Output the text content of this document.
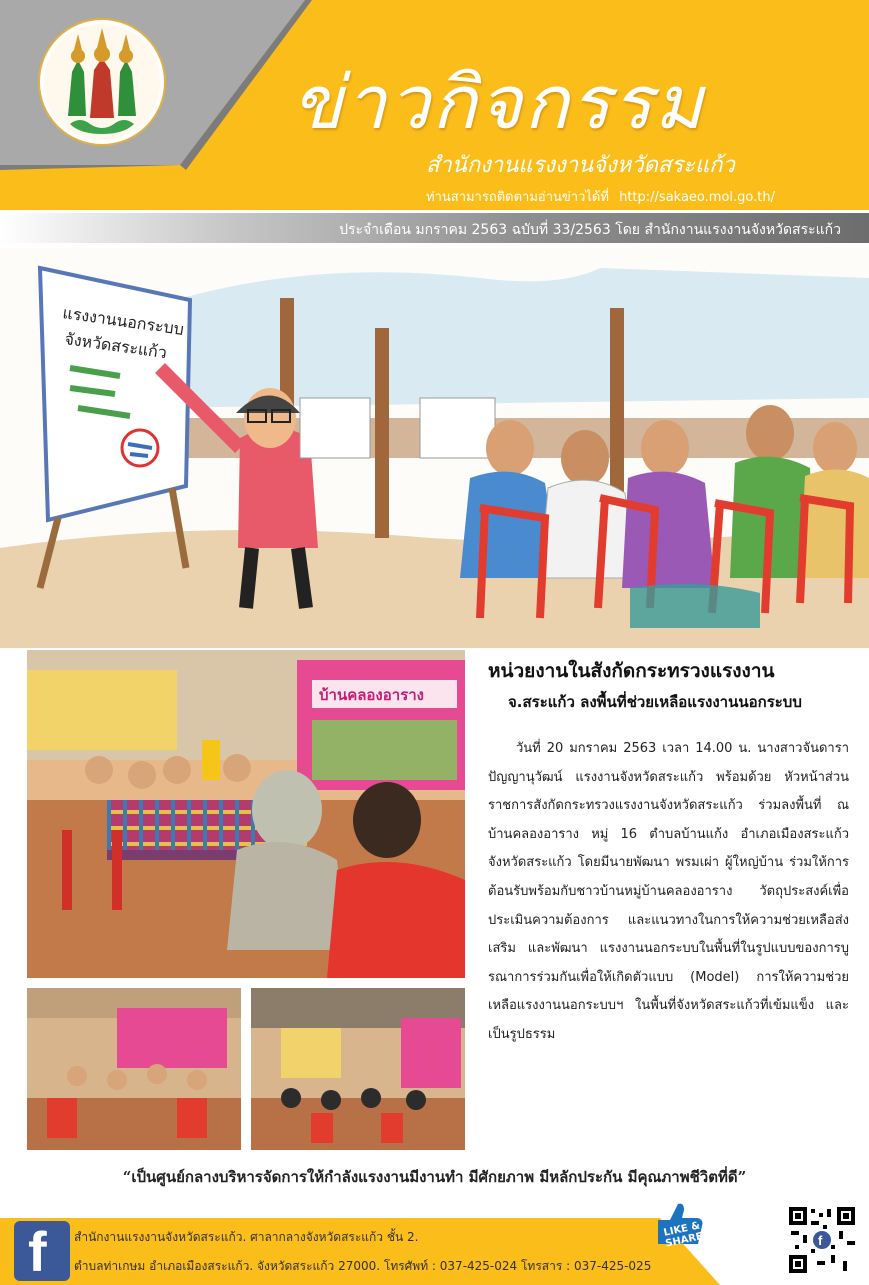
ข่าวกิจกรรม
สำนักงานแรงงานจังหวัดสระแก้ว
ท่านสามารถติดตามอ่านข่าวได้ที่ http://sakaeo.mol.go.th/
ประจำเดือน มกราคม 2563 ฉบับที่ 33/2563 โดย สำนักงานแรงงานจังหวัดสระแก้ว
แรงงานนอกระบบ
จังหวัดสระแก้ว
บ้านคลองอาราง
หน่วยงานในสังกัดกระทรวงแรงงาน
จ.สระแก้ว ลงพื้นที่ช่วยเหลือแรงงานนอกระบบ

วันที่ 20 มกราคม 2563 เวลา 14.00 น. นางสาวจันดารา ปัญญานุวัฒน์ แรงงานจังหวัดสระแก้ว พร้อมด้วย หัวหน้าส่วนราชการสังกัดกระทรวงแรงงานจังหวัดสระแก้ว ร่วมลงพื้นที่ ณ บ้านคลองอาราง หมู่ 16 ตำบลบ้านแก้ง อำเภอเมืองสระแก้ว จังหวัดสระแก้ว โดยมีนายพัฒนา พรมเผ่า ผู้ใหญ่บ้าน ร่วมให้การต้อนรับพร้อมกับชาวบ้านหมู่บ้านคลองอาราง วัตถุประสงค์เพื่อประเมินความต้องการ และแนวทางในการให้ความช่วยเหลือส่งเสริม และพัฒนา แรงงานนอกระบบในพื้นที่ในรูปแบบของการบูรณาการร่วมกันเพื่อให้เกิดตัวแบบ (Model) การให้ความช่วยเหลือแรงงานนอกระบบฯ ในพื้นที่จังหวัดสระแก้วที่เข้มแข็ง และเป็นรูปธรรม

“เป็นศูนย์กลางบริหารจัดการให้กำลังแรงงานมีงานทำ มีศักยภาพ มีหลักประกัน มีคุณภาพชีวิตที่ดี”
f สำนักงานแรงงานจังหวัดสระแก้ว. ศาลากลางจังหวัดสระแก้ว ชั้น 2.
ตำบลท่าเกษม อำเภอเมืองสระแก้ว. จังหวัดสระแก้ว 27000. โทรศัพท์ : 037-425-024 โทรสาร : 037-425-025
LIKE & SHARE	f
